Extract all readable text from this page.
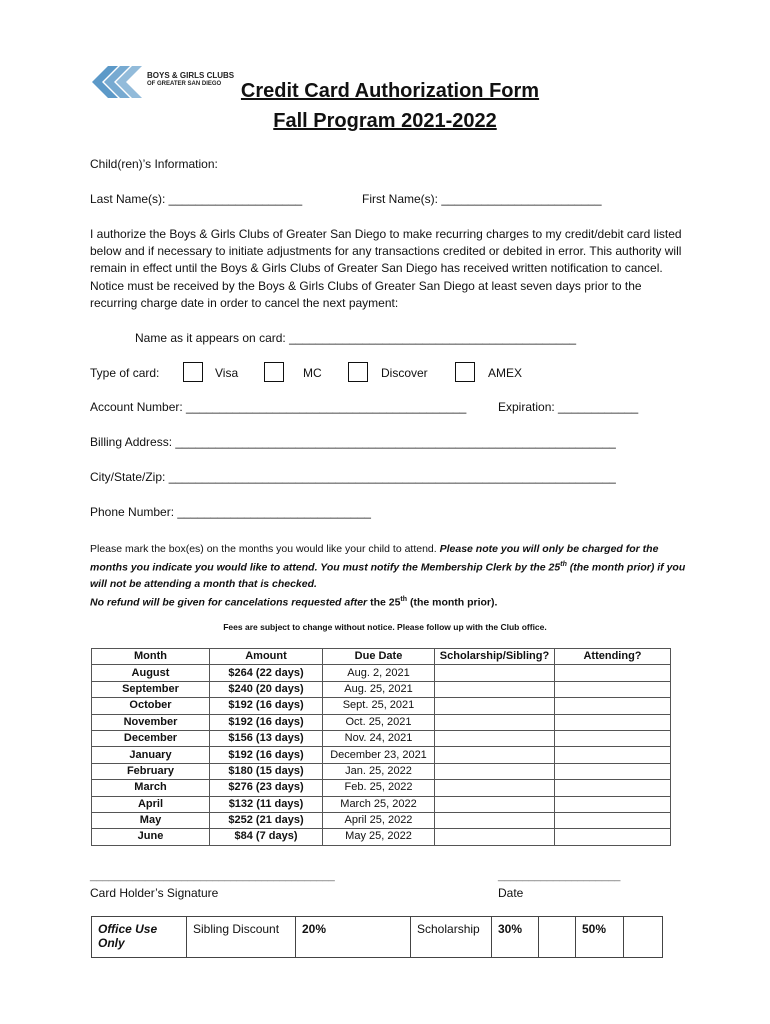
BOYS & GIRLS CLUBS
OF GREATER SAN DIEGO Credit Card Authorization Form
Fall Program 2021-2022
Child(ren)’s Information:
Last Name(s): ____________________	First Name(s): ________________________
I authorize the Boys & Girls Clubs of Greater San Diego to make recurring charges to my credit/debit card listed below and if necessary to initiate adjustments for any transactions credited or debited in error. This authority will remain in effect until the Boys & Girls Clubs of Greater San Diego has received written notification to cancel. Notice must be received by the Boys & Girls Clubs of Greater San Diego at least seven days prior to the recurring charge date in order to cancel the next payment:
Name as it appears on card: ___________________________________________
Type of card:	Visa	MC	Discover	AMEX
Account Number: __________________________________________	Expiration: ____________
Billing Address: __________________________________________________________________
City/State/Zip: ___________________________________________________________________
Phone Number: _____________________________
Please mark the box(es) on the months you would like your child to attend. Please note you will only be charged for the months you indicate you would like to attend. You must notify the Membership Clerk by the 25th (the month prior) if you will not be attending a month that is checked.
No refund will be given for cancelations requested after the 25th (the month prior).
Fees are subject to change without notice. Please follow up with the Club office.
Month	Amount	Due Date	Scholarship/Sibling?	Attending?
August	$264 (22 days)	Aug. 2, 2021		
September	$240 (20 days)	Aug. 25, 2021		
October	$192 (16 days)	Sept. 25, 2021		
November	$192 (16 days)	Oct. 25, 2021		
December	$156 (13 days)	Nov. 24, 2021		
January	$192 (16 days)	December 23, 2021		
February	$180 (15 days)	Jan. 25, 2022		
March	$276 (23 days)	Feb. 25, 2022		
April	$132 (11 days)	March 25, 2022		
May	$252 (21 days)	April 25, 2022		
June	$84 (7 days)	May 25, 2022		
________________________________________	____________________
Card Holder’s Signature	Date
Office Use Only	Sibling Discount	20%	Scholarship	30%		50%	
